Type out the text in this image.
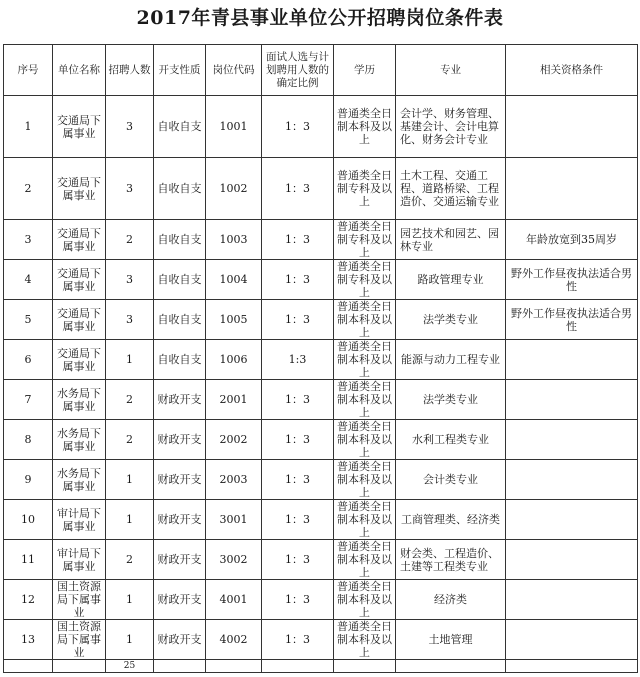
2017年青县事业单位公开招聘岗位条件表
序号	单位名称	招聘人数	开支性质	岗位代码	面试人选与计划聘用人数的确定比例	学历	专业	相关资格条件
1	交通局下属事业	3	自收自支	1001	1：3	普通类全日制本科及以上	会计学、财务管理、基建会计、会计电算化、财务会计专业	
2	交通局下属事业	3	自收自支	1002	1：3	普通类全日制专科及以上	土木工程、交通工程、道路桥梁、工程造价、交通运输专业	
3	交通局下属事业	2	自收自支	1003	1：3	普通类全日制专科及以上	园艺技术和园艺、园林专业	年龄放宽到35周岁
4	交通局下属事业	3	自收自支	1004	1：3	普通类全日制专科及以上	路政管理专业	野外工作昼夜执法适合男性
5	交通局下属事业	3	自收自支	1005	1：3	普通类全日制本科及以上	法学类专业	野外工作昼夜执法适合男性
6	交通局下属事业	1	自收自支	1006	1:3	普通类全日制本科及以上	能源与动力工程专业	
7	水务局下属事业	2	财政开支	2001	1：3	普通类全日制本科及以上	法学类专业	
8	水务局下属事业	2	财政开支	2002	1：3	普通类全日制本科及以上	水利工程类专业	
9	水务局下属事业	1	财政开支	2003	1：3	普通类全日制本科及以上	会计类专业	
10	审计局下属事业	1	财政开支	3001	1：3	普通类全日制本科及以上	工商管理类、经济类	
11	审计局下属事业	2	财政开支	3002	1：3	普通类全日制本科及以上	财会类、工程造价、土建等工程类专业	
12	国土资源局下属事业	1	财政开支	4001	1：3	普通类全日制本科及以上	经济类	
13	国土资源局下属事业	1	财政开支	4002	1：3	普通类全日制本科及以上	土地管理	
		25						
